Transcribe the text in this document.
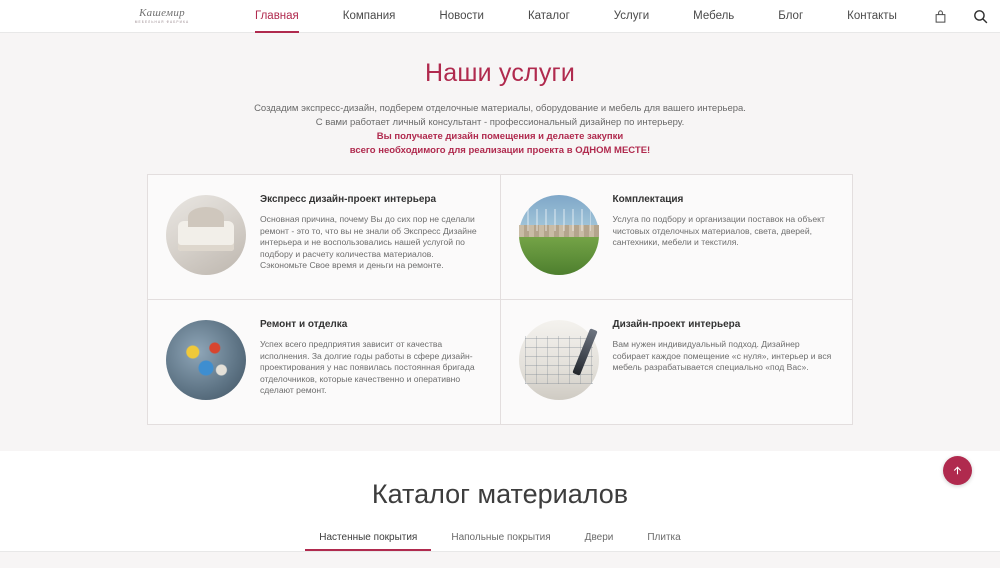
Кашемир
МЕБЕЛЬНАЯ ФАБРИКА	Главная	Компания	Новости	Каталог	Услуги	Мебель	Блог	Контакты
Наши услуги
Создадим экспресс-дизайн, подберем отделочные материалы, оборудование и мебель для вашего интерьера.
С вами работает личный консультант - профессиональный дизайнер по интерьеру.
Вы получаете дизайн помещения и делаете закупки
всего необходимого для реализации проекта в ОДНОМ МЕСТЕ!
Экспресс дизайн-проект интерьера

Основная причина, почему Вы до сих пор не сделали ремонт - это то, что вы не знали об Экспресс Дизайне интерьера и не воспользовались нашей услугой по подбору и расчету количества материалов. Сэкономьте Свое время и деньги на ремонте.

Комплектация

Услуга по подбору и организации поставок на объект чистовых отделочных материалов, света, дверей, сантехники, мебели и текстиля.

Ремонт и отделка

Успех всего предприятия зависит от качества исполнения. За долгие годы работы в сфере дизайн-проектирования у нас появилась постоянная бригада отделочников, которые качественно и оперативно сделают ремонт.

Дизайн-проект интерьера

Вам нужен индивидуальный подход. Дизайнер собирает каждое помещение «с нуля», интерьер и вся мебель разрабатывается специально «под Вас».

Каталог материалов
Настенные покрытия	Напольные покрытия	Двери	Плитка
